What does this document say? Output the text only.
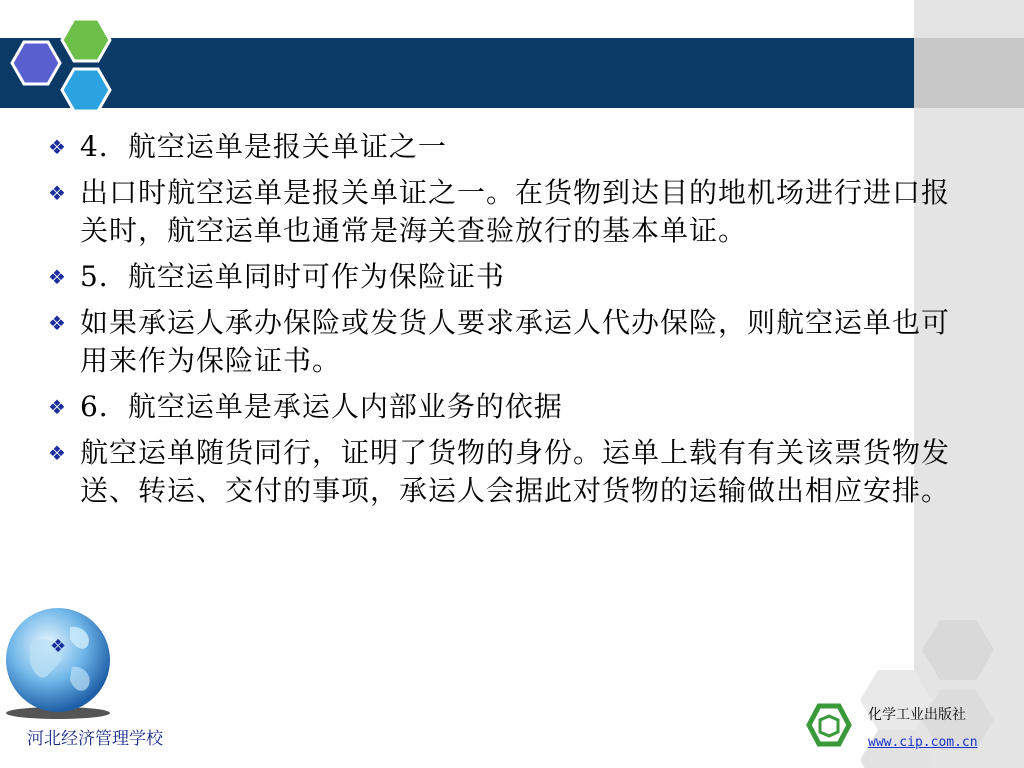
❖ 4．航空运单是报关单证之一
❖ 出口时航空运单是报关单证之一。在货物到达目的地机场进行进口报关时，航空运单也通常是海关查验放行的基本单证。
❖ 5．航空运单同时可作为保险证书
❖ 如果承运人承办保险或发货人要求承运人代办保险，则航空运单也可用来作为保险证书。
❖ 6．航空运单是承运人内部业务的依据
❖ 航空运单随货同行，证明了货物的身份。运单上载有有关该票货物发送、转运、交付的事项，承运人会据此对货物的运输做出相应安排。
❖
河北经济管理学校
化学工业出版社
www.cip.com.cn
